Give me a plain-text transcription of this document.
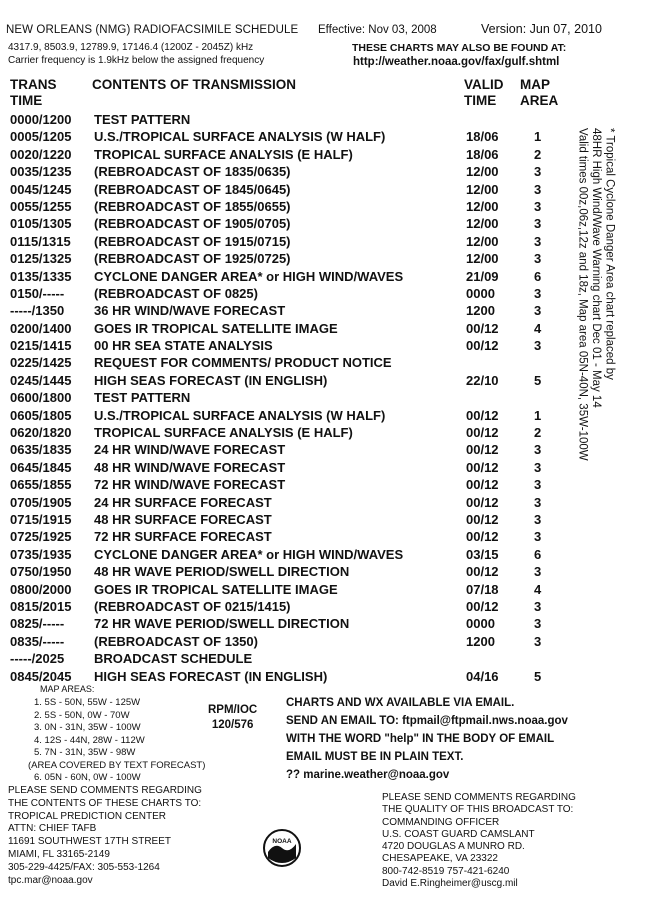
NEW ORLEANS (NMG) RADIOFACSIMILE SCHEDULE Effective: Nov 03, 2008	Version: Jun 07, 2010
4317.9, 8503.9, 12789.9, 17146.4 (1200Z - 2045Z) kHz
Carrier frequency is 1.9kHz below the assigned frequency
THESE CHARTS MAY ALSO BE FOUND AT:
http://weather.noaa.gov/fax/gulf.shtml
TRANS
TIME
CONTENTS OF TRANSMISSION	VALID
TIME
MAP
AREA
0000/1200 TEST PATTERN
0005/1205 U.S./TROPICAL SURFACE ANALYSIS (W HALF)	18/06	1
0020/1220 TROPICAL SURFACE ANALYSIS (E HALF)	18/06	2
0035/1235 (REBROADCAST OF 1835/0635)	12/00	3
0045/1245 (REBROADCAST OF 1845/0645)	12/00	3
0055/1255 (REBROADCAST OF 1855/0655)	12/00	3
0105/1305 (REBROADCAST OF 1905/0705)	12/00	3
0115/1315 (REBROADCAST OF 1915/0715)	12/00	3
0125/1325 (REBROADCAST OF 1925/0725)	12/00	3
0135/1335 CYCLONE DANGER AREA* or HIGH WIND/WAVES	21/09	6
0150/----- (REBROADCAST OF 0825)	0000	3
-----/1350 36 HR WIND/WAVE FORECAST	1200	3
0200/1400 GOES IR TROPICAL SATELLITE IMAGE	00/12	4
0215/1415 00 HR SEA STATE ANALYSIS	00/12	3
0225/1425 REQUEST FOR COMMENTS/ PRODUCT NOTICE
0245/1445 HIGH SEAS FORECAST (IN ENGLISH)	22/10	5
0600/1800 TEST PATTERN
0605/1805 U.S./TROPICAL SURFACE ANALYSIS (W HALF)	00/12	1
0620/1820 TROPICAL SURFACE ANALYSIS (E HALF)	00/12	2
0635/1835 24 HR WIND/WAVE FORECAST	00/12	3
0645/1845 48 HR WIND/WAVE FORECAST	00/12	3
0655/1855 72 HR WIND/WAVE FORECAST	00/12	3
0705/1905 24 HR SURFACE FORECAST	00/12	3
0715/1915 48 HR SURFACE FORECAST	00/12	3
0725/1925 72 HR SURFACE FORECAST	00/12	3
0735/1935 CYCLONE DANGER AREA* or HIGH WIND/WAVES	03/15	6
0750/1950 48 HR WAVE PERIOD/SWELL DIRECTION	00/12	3
0800/2000 GOES IR TROPICAL SATELLITE IMAGE	07/18	4
0815/2015 (REBROADCAST OF 0215/1415)	00/12	3
0825/----- 72 HR WAVE PERIOD/SWELL DIRECTION	0000	3
0835/----- (REBROADCAST OF 1350)	1200	3
-----/2025 BROADCAST SCHEDULE
0845/2045 HIGH SEAS FORECAST (IN ENGLISH)	04/16	5
* Tropical Cyclone Danger Area chart replaced by
48HR High Wind/Wave Warning chart Dec 01 - May 14
Valid times 00z,06z,12z and 18z, Map area 05N-40N, 35W-100W
MAP AREAS:
1. 5S - 50N, 55W - 125W
2. 5S - 50N, 0W - 70W
3. 0N - 31N, 35W - 100W
4. 12S - 44N, 28W - 112W
5. 7N - 31N, 35W - 98W
(AREA COVERED BY TEXT FORECAST)
6. 05N - 60N, 0W - 100W
RPM/IOC
120/576
CHARTS AND WX AVAILABLE VIA EMAIL.
SEND AN EMAIL TO: ftpmail@ftpmail.nws.noaa.gov
WITH THE WORD "help" IN THE BODY OF EMAIL
EMAIL MUST BE IN PLAIN TEXT.
?? marine.weather@noaa.gov
PLEASE SEND COMMENTS REGARDING
THE CONTENTS OF THESE CHARTS TO:
TROPICAL PREDICTION CENTER
ATTN: CHIEF TAFB
11691 SOUTHWEST 17TH STREET
MIAMI, FL 33165-2149
305-229-4425/FAX: 305-553-1264
tpc.mar@noaa.gov
PLEASE SEND COMMENTS REGARDING
THE QUALITY OF THIS BROADCAST TO:
COMMANDING OFFICER
U.S. COAST GUARD CAMSLANT
4720 DOUGLAS A MUNRO RD.
CHESAPEAKE, VA 23322
800-742-8519 757-421-6240
David E.Ringheimer@uscg.mil
NOAA
